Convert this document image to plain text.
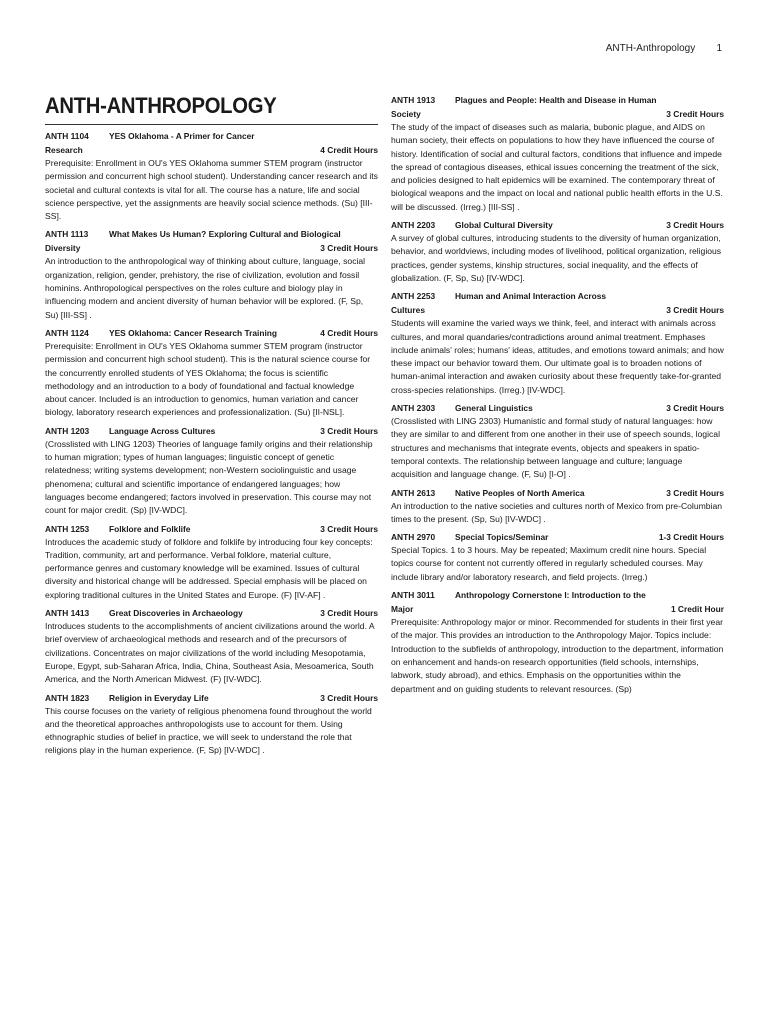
ANTH-Anthropology 1
ANTH-ANTHROPOLOGY
ANTH 1104 YES Oklahoma - A Primer for Cancer
Research	4 Credit Hours

Prerequisite: Enrollment in OU's YES Oklahoma summer STEM program (instructor permission and concurrent high school student). Understanding cancer research and its societal and cultural contexts is vital for all. The course has a nature, life and social science perspective, yet the assignments are heavily social science methods. (Su) [III-SS].

ANTH 1113 What Makes Us Human? Exploring Cultural and Biological
Diversity	3 Credit Hours

An introduction to the anthropological way of thinking about culture, language, social organization, religion, gender, prehistory, the rise of civilization, evolution and fossil hominins. Anthropological perspectives on the roles culture and biology play in influencing modern and ancient diversity of human behavior will be explored. (F, Sp, Su) [III-SS] .

ANTH 1124 YES Oklahoma: Cancer Research Training	4 Credit Hours

Prerequisite: Enrollment in OU's YES Oklahoma summer STEM program (instructor permission and concurrent high school student). This is the natural science course for the concurrently enrolled students of YES Oklahoma; the focus is scientific methodology and an introduction to a body of foundational and factual knowledge about cancer. Included is an introduction to genomics, human variation and cancer biology, laboratory research experiences and professionalization. (Su) [II-NSL].

ANTH 1203 Language Across Cultures	3 Credit Hours

(Crosslisted with LING 1203) Theories of language family origins and their relationship to human migration; types of human languages; linguistic concept of genetic relatedness; writing systems development; non-Western sociolinguistic and usage phenomena; cultural and scientific importance of endangered languages; how languages become endangered; factors involved in preservation. This course may not count for major credit. (Sp) [IV-WDC].

ANTH 1253 Folklore and Folklife	3 Credit Hours

Introduces the academic study of folklore and folklife by introducing four key concepts: Tradition, community, art and performance. Verbal folklore, material culture, performance genres and customary knowledge will be examined. Issues of cultural diversity and historical change will be addressed. Special emphasis will be placed on exploring traditional cultures in the United States and Europe. (F) [IV-AF] .

ANTH 1413 Great Discoveries in Archaeology	3 Credit Hours

Introduces students to the accomplishments of ancient civilizations around the world. A brief overview of archaeological methods and research and of the precursors of civilizations. Concentrates on major civilizations of the world including Mesopotamia, Europe, Egypt, sub-Saharan Africa, India, China, Southeast Asia, Mesoamerica, South America, and the North American Midwest. (F) [IV-WDC].

ANTH 1823 Religion in Everyday Life	3 Credit Hours

This course focuses on the variety of religious phenomena found throughout the world and the theoretical approaches anthropologists use to account for them. Using ethnographic studies of belief in practice, we will seek to understand the role that religions play in the human experience. (F, Sp) [IV-WDC] .

ANTH 1913 Plagues and People: Health and Disease in Human
Society	3 Credit Hours

The study of the impact of diseases such as malaria, bubonic plague, and AIDS on human society, their effects on populations to how they have influenced the course of history. Identification of social and cultural factors, conditions that influence and impede the spread of contagious diseases, ethical issues concerning the treatment of the sick, and policies designed to halt epidemics will be examined. The contemporary threat of biological weapons and the impact on local and national public health efforts in the U.S. will be discussed. (Irreg.) [III-SS] .

ANTH 2203 Global Cultural Diversity	3 Credit Hours

A survey of global cultures, introducing students to the diversity of human organization, behavior, and worldviews, including modes of livelihood, political organization, religious practices, gender systems, kinship structures, social inequality, and the effects of globalization. (F, Sp, Su) [IV-WDC].

ANTH 2253 Human and Animal Interaction Across
Cultures	3 Credit Hours

Students will examine the varied ways we think, feel, and interact with animals across cultures, and moral quandaries/contradictions around animal treatment. Emphases include animals' roles; humans' ideas, attitudes, and emotions toward animals; and how these impact our behavior toward them. Our ultimate goal is to broaden notions of human-animal interaction and awaken curiosity about these frequently take-for-granted cross-species relationships. (Irreg.) [IV-WDC].

ANTH 2303 General Linguistics	3 Credit Hours

(Crosslisted with LING 2303) Humanistic and formal study of natural languages: how they are similar to and different from one another in their use of speech sounds, logical structures and mechanisms that integrate events, objects and speakers in spatio-temporal contexts. The relationship between language and culture; language acquisition and language change. (F, Su) [I-O] .

ANTH 2613 Native Peoples of North America	3 Credit Hours

An introduction to the native societies and cultures north of Mexico from pre-Columbian times to the present. (Sp, Su) [IV-WDC] .

ANTH 2970 Special Topics/Seminar	1-3 Credit Hours

Special Topics. 1 to 3 hours. May be repeated; Maximum credit nine hours. Special topics course for content not currently offered in regularly scheduled courses. May include library and/or laboratory research, and field projects. (Irreg.)

ANTH 3011 Anthropology Cornerstone I: Introduction to the
Major	1 Credit Hour

Prerequisite: Anthropology major or minor. Recommended for students in their first year of the major. This provides an introduction to the Anthropology Major. Topics include: Introduction to the subfields of anthropology, introduction to the department, information on enhancement and hands-on research opportunities (field schools, internships, labwork, study abroad), and ethics. Emphasis on the opportunities within the department and on guiding students to relevant resources. (Sp)
